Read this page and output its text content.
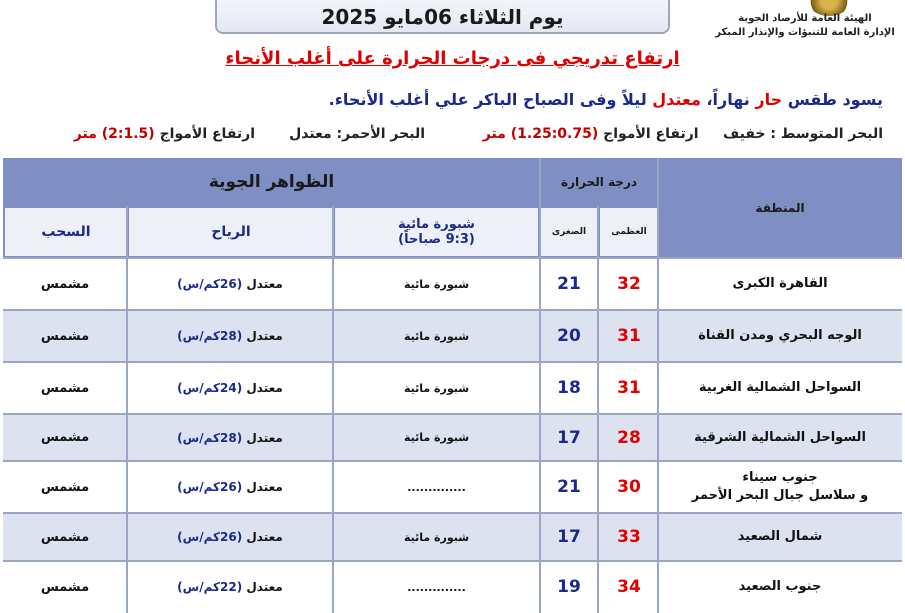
يوم الثلاثاء 06مايو 2025	الهيئة العامة للأرصاد الجوية
الإدارة العامة للتنبؤات والإنذار المبكر
ارتفاع تدريجي فى درجات الحرارة على أغلب الأنحاء
يسود طقس حار نهاراً، معتدل ليلاً وفى الصباح الباكر علي أغلب الأنحاء.
البحر المتوسط : خفيف     ارتفاع الأمواج (1.25:0.75) متر
البحر الأحمر: معتدل       ارتفاع الأمواج (2:1.5) متر
المنطقة
درجة الحرارة
العظمى
الصغرى
الظواهر الجوية
شبورة مائية
(9:3 صباحاً)
الرياح
السحب
القاهرة الكبرى
32
21
شبورة مائية
معتدل

(26كم/س)
مشمس
الوجه البحري ومدن القناة
31
20
شبورة مائية
معتدل

(28كم/س)
مشمس
السواحل الشمالية الغربية
31
18
شبورة مائية
معتدل

(24كم/س)
مشمس
السواحل الشمالية الشرقية
28
17
شبورة مائية
معتدل

(28كم/س)
مشمس
جنوب سيناء
و سلاسل جبال البحر الأحمر
30
21
..............
معتدل

(26كم/س)
مشمس
شمال الصعيد
33
17
شبورة مائية
معتدل

(26كم/س)
مشمس
جنوب الصعيد
34
19
..............
معتدل

(22كم/س)
مشمس
